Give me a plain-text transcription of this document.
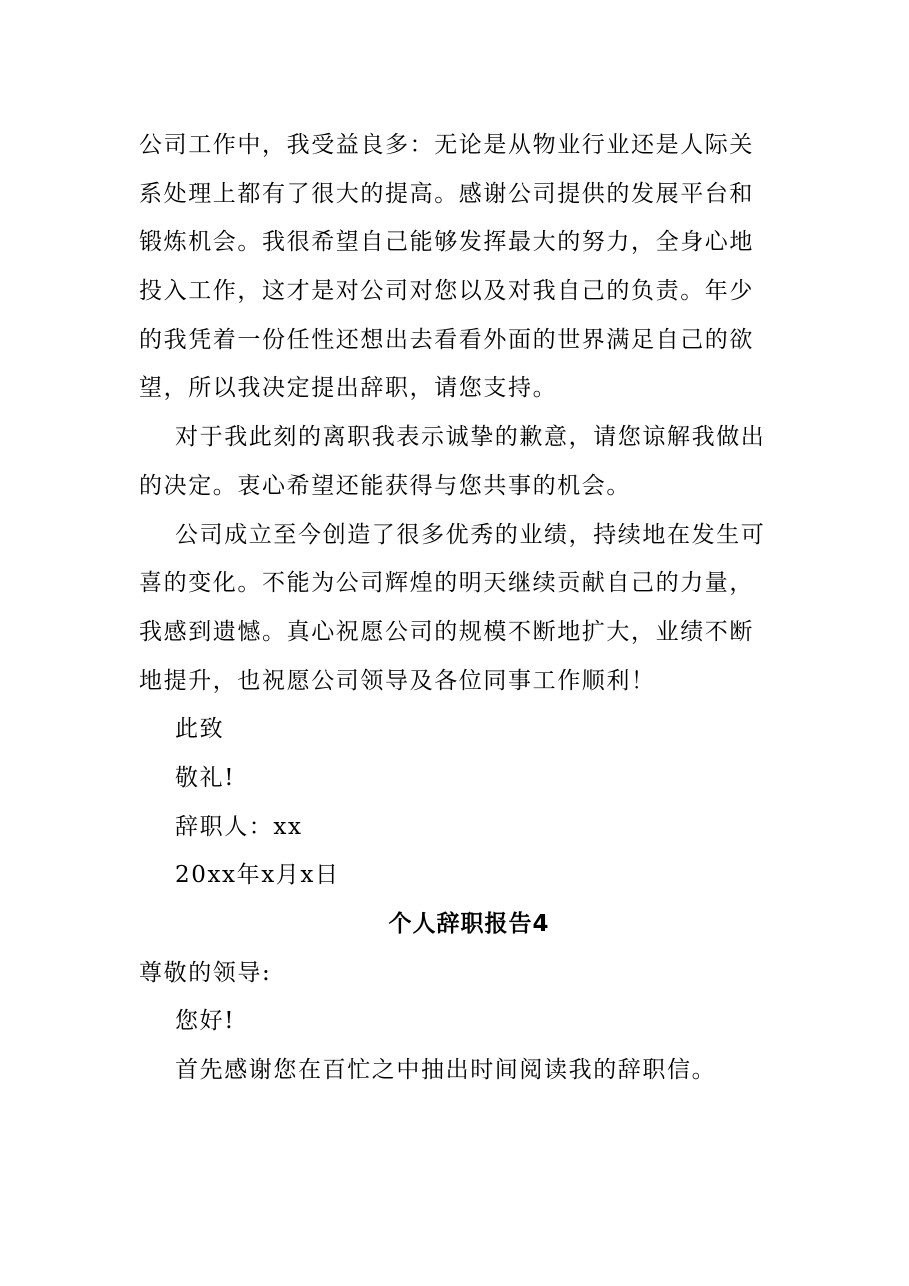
公司工作中，我受益良多：无论是从物业行业还是人际关
系处理上都有了很大的提高。感谢公司提供的发展平台和
锻炼机会。我很希望自己能够发挥最大的努力，全身心地
投入工作，这才是对公司对您以及对我自己的负责。年少
的我凭着一份任性还想出去看看外面的世界满足自己的欲
望，所以我决定提出辞职，请您支持。
对于我此刻的离职我表示诚挚的歉意，请您谅解我做出
的决定。衷心希望还能获得与您共事的机会。
公司成立至今创造了很多优秀的业绩，持续地在发生可
喜的变化。不能为公司辉煌的明天继续贡献自己的力量，
我感到遗憾。真心祝愿公司的规模不断地扩大，业绩不断
地提升，也祝愿公司领导及各位同事工作顺利！
此致
敬礼!
辞职人：xx
20xx年x月x日
个人辞职报告4
尊敬的领导:
您好!
首先感谢您在百忙之中抽出时间阅读我的辞职信。
